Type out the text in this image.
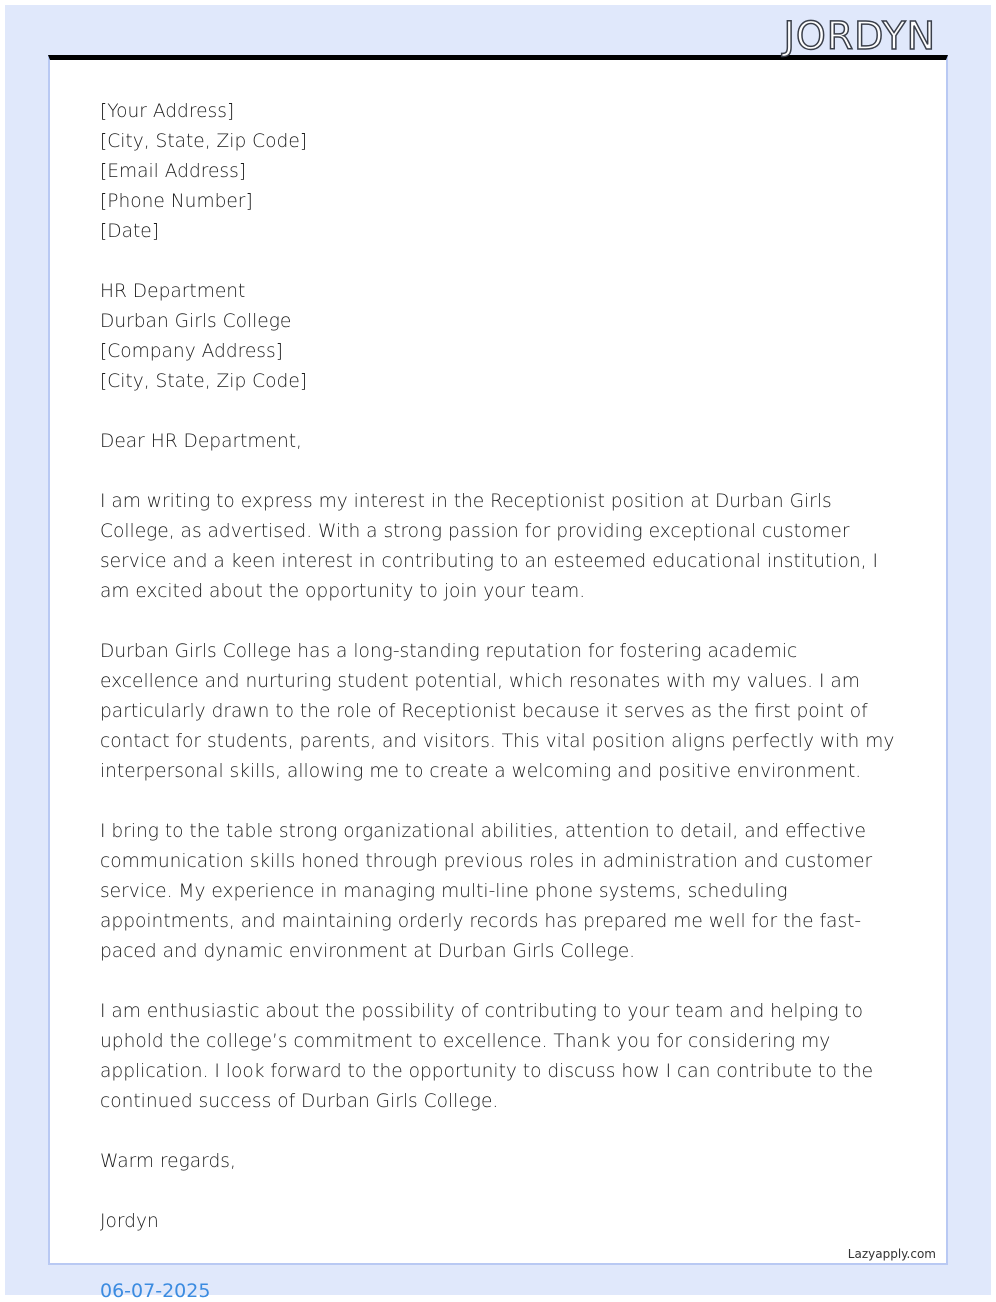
JORDYN
[Your Address]
[City, State, Zip Code]
[Email Address]
[Phone Number]
[Date]
HR Department
Durban Girls College
[Company Address]
[City, State, Zip Code]
Dear HR Department,

I am writing to express my interest in the Receptionist position at Durban Girls College, as advertised. With a strong passion for providing exceptional customer service and a keen interest in contributing to an esteemed educational institution, I am excited about the opportunity to join your team.

Durban Girls College has a long-standing reputation for fostering academic excellence and nurturing student potential, which resonates with my values. I am particularly drawn to the role of Receptionist because it serves as the first point of contact for students, parents, and visitors. This vital position aligns perfectly with my interpersonal skills, allowing me to create a welcoming and positive environment.

I bring to the table strong organizational abilities, attention to detail, and effective communication skills honed through previous roles in administration and customer service. My experience in managing multi-line phone systems, scheduling appointments, and maintaining orderly records has prepared me well for the fast-paced and dynamic environment at Durban Girls College.

I am enthusiastic about the possibility of contributing to your team and helping to uphold the college’s commitment to excellence. Thank you for considering my application. I look forward to the opportunity to discuss how I can contribute to the continued success of Durban Girls College.

Warm regards,
Jordyn
Lazyapply.com
06-07-2025
